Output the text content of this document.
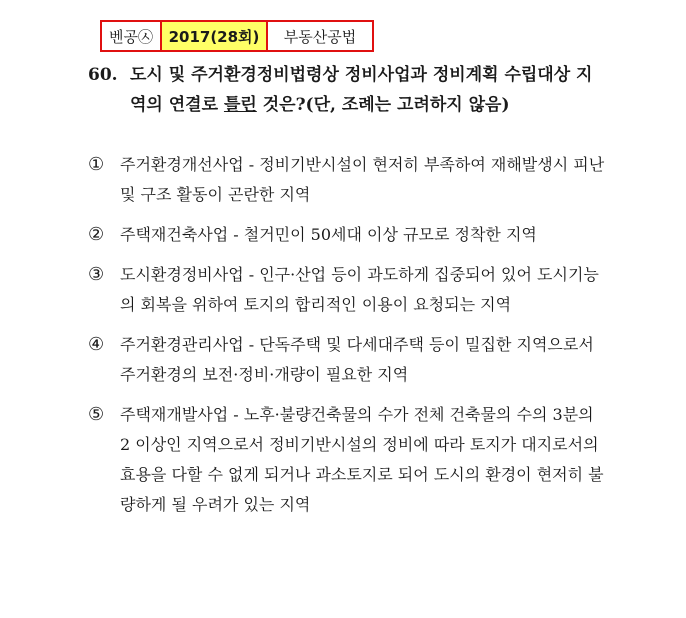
벤공㉦	2017(28회)	부동산공법
60. 도시 및 주거환경정비법령상 정비사업과 정비계획 수립대상 지역의 연결로 틀린 것은?(단, 조례는 고려하지 않음)
① 주거환경개선사업 - 정비기반시설이 현저히 부족하여 재해발생시 피난 및 구조 활동이 곤란한 지역
② 주택재건축사업 - 철거민이 50세대 이상 규모로 정착한 지역
③ 도시환경정비사업 - 인구·산업 등이 과도하게 집중되어 있어 도시기능의 회복을 위하여 토지의 합리적인 이용이 요청되는 지역
④ 주거환경관리사업 - 단독주택 및 다세대주택 등이 밀집한 지역으로서 주거환경의 보전·정비·개량이 필요한 지역
⑤ 주택재개발사업 - 노후·불량건축물의 수가 전체 건축물의 수의 3분의 2 이상인 지역으로서 정비기반시설의 정비에 따라 토지가 대지로서의 효용을 다할 수 없게 되거나 과소토지로 되어 도시의 환경이 현저히 불량하게 될 우려가 있는 지역
